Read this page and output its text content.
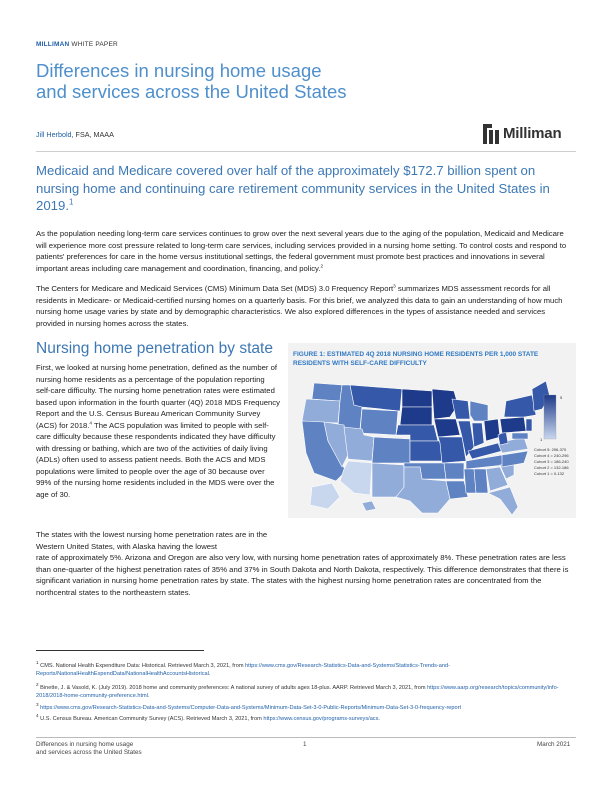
MILLIMAN WHITE PAPER
Differences in nursing home usage
and services across the United States
Jill Herbold, FSA, MAAA	Milliman
Medicaid and Medicare covered over half of the approximately $172.7 billion spent on nursing home and continuing care retirement community services in the United States in 2019.$^1$
As the population needing long-term care services continues to grow over the next several years due to the aging of the population, Medicaid and Medicare will experience more cost pressure related to long-term care services, including services provided in a nursing home setting. To control costs and respond to patients' preferences for care in the home versus institutional settings, the federal government must promote best practices and innovations in several important areas including care management and coordination, financing, and policy.$^2$
The Centers for Medicare and Medicaid Services (CMS) Minimum Data Set (MDS) 3.0 Frequency Report$^3$ summarizes MDS assessment records for all residents in Medicare- or Medicaid-certified nursing homes on a quarterly basis. For this brief, we analyzed this data to gain an understanding of how much nursing home usage varies by state and by demographic characteristics. We also explored differences in the types of assistance needed and services provided in nursing homes across the states.
Nursing home penetration by state
First, we looked at nursing home penetration, defined as the number of nursing home residents as a percentage of the population reporting self-care difficulty. The nursing home penetration rates were estimated based upon information in the fourth quarter (4Q) 2018 MDS Frequency Report and the U.S. Census Bureau American Community Survey (ACS) for 2018.$^4$ The ACS population was limited to people with self-care difficulty because these respondents indicated they have difficulty with dressing or bathing, which are two of the activities of daily living (ADLs) often used to assess patient needs. Both the ACS and MDS populations were limited to people over the age of 30 because over 99% of the nursing home residents included in the MDS were over the age of 30.
The states with the lowest nursing home penetration rates are in the Western United States, with Alaska having the lowest
rate of approximately 5%. Arizona and Oregon are also very low, with nursing home penetration rates of approximately 8%. These penetration rates are less than one-quarter of the highest penetration rates of 35% and 37% in South Dakota and North Dakota, respectively. This difference demonstrates that there is significant variation in nursing home penetration rates by state. The states with the highest nursing home penetration rates are concentrated from the northcentral states to the northeastern states.
FIGURE 1: ESTIMATED 4Q 2018 NURSING HOME RESIDENTS PER 1,000 STATE RESIDENTS WITH SELF-CARE DIFFICULTY
5
1
Cohort 5: 296-370
Cohort 4 = 240-296
Cohort 3 = 186-240
Cohort 2 = 132-186
Cohort 1 = 0-132
$^1$ CMS. National Health Expenditure Data: Historical. Retrieved March 3, 2021, from https://www.cms.gov/Research-Statistics-Data-and-Systems/Statistics-Trends-and-Reports/NationalHealthExpendData/NationalHealthAccountsHistorical.
$^2$ Binette, J. & Vasold, K. (July 2019). 2018 home and community preferences: A national survey of adults ages 18-plus. AARP. Retrieved March 3, 2021, from https://www.aarp.org/research/topics/community/info-2018/2018-home-community-preference.html.
$^3$ https://www.cms.gov/Research-Statistics-Data-and-Systems/Computer-Data-and-Systems/Minimum-Data-Set-3-0-Public-Reports/Minimum-Data-Set-3-0-frequency-report
$^4$ U.S. Census Bureau. American Community Survey (ACS). Retrieved March 3, 2021, from https://www.census.gov/programs-surveys/acs.
Differences in nursing home usage
and services across the United States
1	March 2021
